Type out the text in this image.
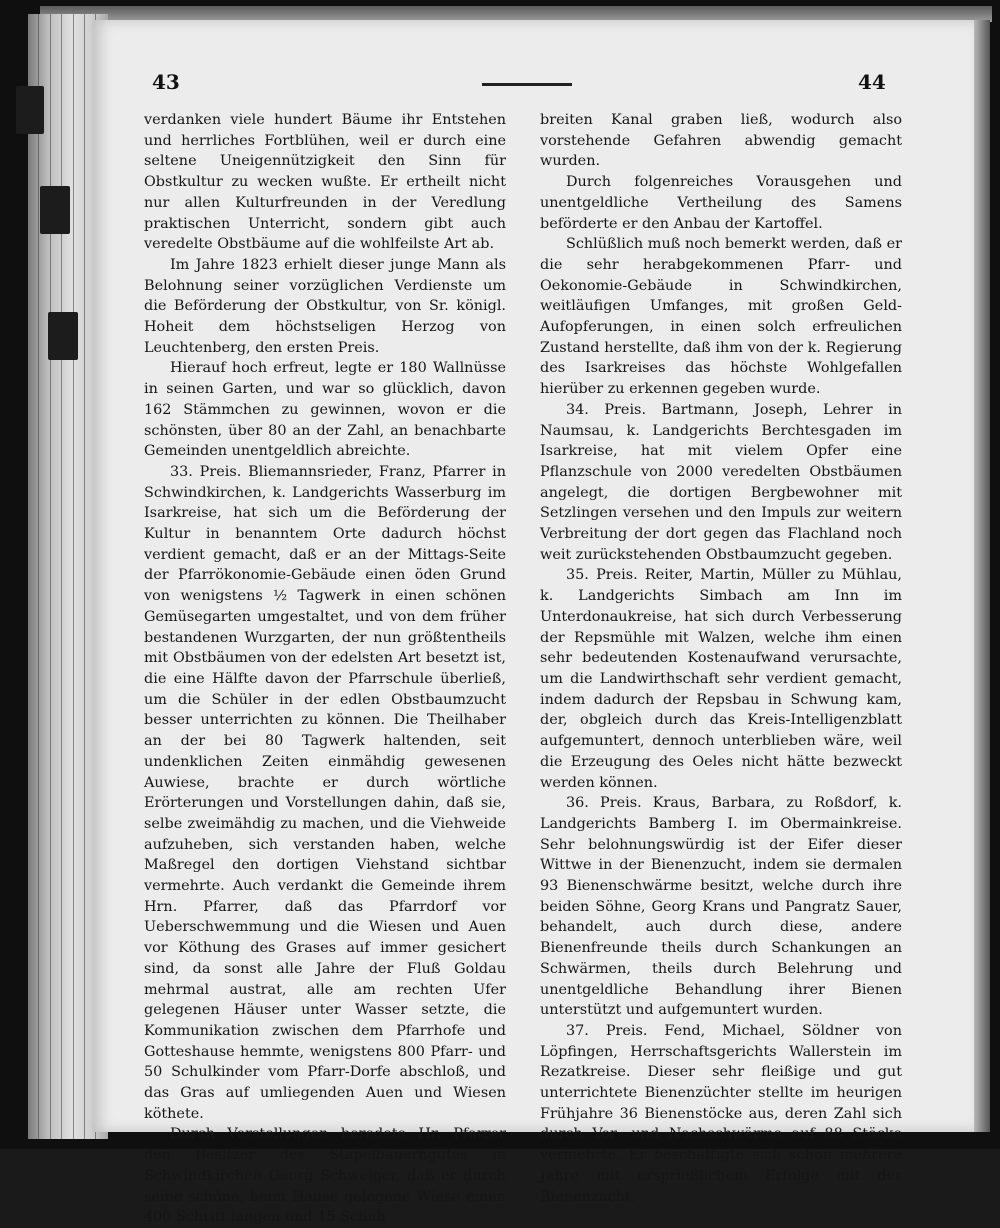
43	44

verdanken viele hundert Bäume ihr Entstehen und herrliches Fortblühen, weil er durch eine seltene Uneigennützigkeit den Sinn für Obstkultur zu wecken wußte. Er ertheilt nicht nur allen Kulturfreunden in der Veredlung praktischen Unterricht, sondern gibt auch veredelte Obstbäume auf die wohlfeilste Art ab.

Im Jahre 1823 erhielt dieser junge Mann als Belohnung seiner vorzüglichen Verdienste um die Beförderung der Obstkultur, von Sr. königl. Hoheit dem höchstseligen Herzog von Leuchtenberg, den ersten Preis.

Hierauf hoch erfreut, legte er 180 Wallnüsse in seinen Garten, und war so glücklich, davon 162 Stämmchen zu gewinnen, wovon er die schönsten, über 80 an der Zahl, an benachbarte Gemeinden unentgeldlich abreichte.

33. Preis. Bliemannsrieder, Franz, Pfarrer in Schwindkirchen, k. Landgerichts Wasserburg im Isarkreise, hat sich um die Beförderung der Kultur in benanntem Orte dadurch höchst verdient gemacht, daß er an der Mittags-Seite der Pfarrökonomie-Gebäude einen öden Grund von wenigstens ½ Tagwerk in einen schönen Gemüsegarten umgestaltet, und von dem früher bestandenen Wurzgarten, der nun größtentheils mit Obstbäumen von der edelsten Art besetzt ist, die eine Hälfte davon der Pfarrschule überließ, um die Schüler in der edlen Obstbaumzucht besser unterrichten zu können. Die Theilhaber an der bei 80 Tagwerk haltenden, seit undenklichen Zeiten einmähdig gewesenen Auwiese, brachte er durch wörtliche Erörterungen und Vorstellungen dahin, daß sie, selbe zweimähdig zu machen, und die Viehweide aufzuheben, sich verstanden haben, welche Maßregel den dortigen Viehstand sichtbar vermehrte. Auch verdankt die Gemeinde ihrem Hrn. Pfarrer, daß das Pfarrdorf vor Ueberschwemmung und die Wiesen und Auen vor Köthung des Grases auf immer gesichert sind, da sonst alle Jahre der Fluß Goldau mehrmal austrat, alle am rechten Ufer gelegenen Häuser unter Wasser setzte, die Kommunikation zwischen dem Pfarrhofe und Gotteshause hemmte, wenigstens 800 Pfarr- und 50 Schulkinder vom Pfarr-Dorfe abschloß, und das Gras auf umliegenden Auen und Wiesen köthete.

Durch Vorstellungen beredete Hr. Pfarrer den Besitzer des Stapelbauerngutes in Schwindkirchen Georg Schweiger, daß er durch seine schöne, beim Hause gelegene Wiese einen 400 Schritt langen und 15 Schuh

breiten Kanal graben ließ, wodurch also vorstehende Gefahren abwendig gemacht wurden.

Durch folgenreiches Vorausgehen und unentgeldliche Vertheilung des Samens beförderte er den Anbau der Kartoffel.

Schlüßlich muß noch bemerkt werden, daß er die sehr herabgekommenen Pfarr- und Oekonomie-Gebäude in Schwindkirchen, weitläufigen Umfanges, mit großen Geld-Aufopferungen, in einen solch erfreulichen Zustand herstellte, daß ihm von der k. Regierung des Isarkreises das höchste Wohlgefallen hierüber zu erkennen gegeben wurde.

34. Preis. Bartmann, Joseph, Lehrer in Naumsau, k. Landgerichts Berchtesgaden im Isarkreise, hat mit vielem Opfer eine Pflanzschule von 2000 veredelten Obstbäumen angelegt, die dortigen Bergbewohner mit Setzlingen versehen und den Impuls zur weitern Verbreitung der dort gegen das Flachland noch weit zurückstehenden Obstbaumzucht gegeben.

35. Preis. Reiter, Martin, Müller zu Mühlau, k. Landgerichts Simbach am Inn im Unterdonaukreise, hat sich durch Verbesserung der Repsmühle mit Walzen, welche ihm einen sehr bedeutenden Kostenaufwand verursachte, um die Landwirthschaft sehr verdient gemacht, indem dadurch der Repsbau in Schwung kam, der, obgleich durch das Kreis-Intelligenzblatt aufgemuntert, dennoch unterblieben wäre, weil die Erzeugung des Oeles nicht hätte bezweckt werden können.

36. Preis. Kraus, Barbara, zu Roßdorf, k. Landgerichts Bamberg I. im Obermainkreise. Sehr belohnungswürdig ist der Eifer dieser Wittwe in der Bienenzucht, indem sie dermalen 93 Bienenschwärme besitzt, welche durch ihre beiden Söhne, Georg Krans und Pangratz Sauer, behandelt, auch durch diese, andere Bienenfreunde theils durch Schankungen an Schwärmen, theils durch Belehrung und unentgeldliche Behandlung ihrer Bienen unterstützt und aufgemuntert wurden.

37. Preis. Fend, Michael, Söldner von Löpfingen, Herrschaftsgerichts Wallerstein im Rezatkreise. Dieser sehr fleißige und gut unterrichtete Bienenzüchter stellte im heurigen Frühjahre 36 Bienenstöcke aus, deren Zahl sich durch Vor- und Nachschwärme auf 88 Stöcke vermehrte. Er beschäftigte sich schon mehrere Jahre mit ersprießlichem Erfolge mit der Bienenzucht.
